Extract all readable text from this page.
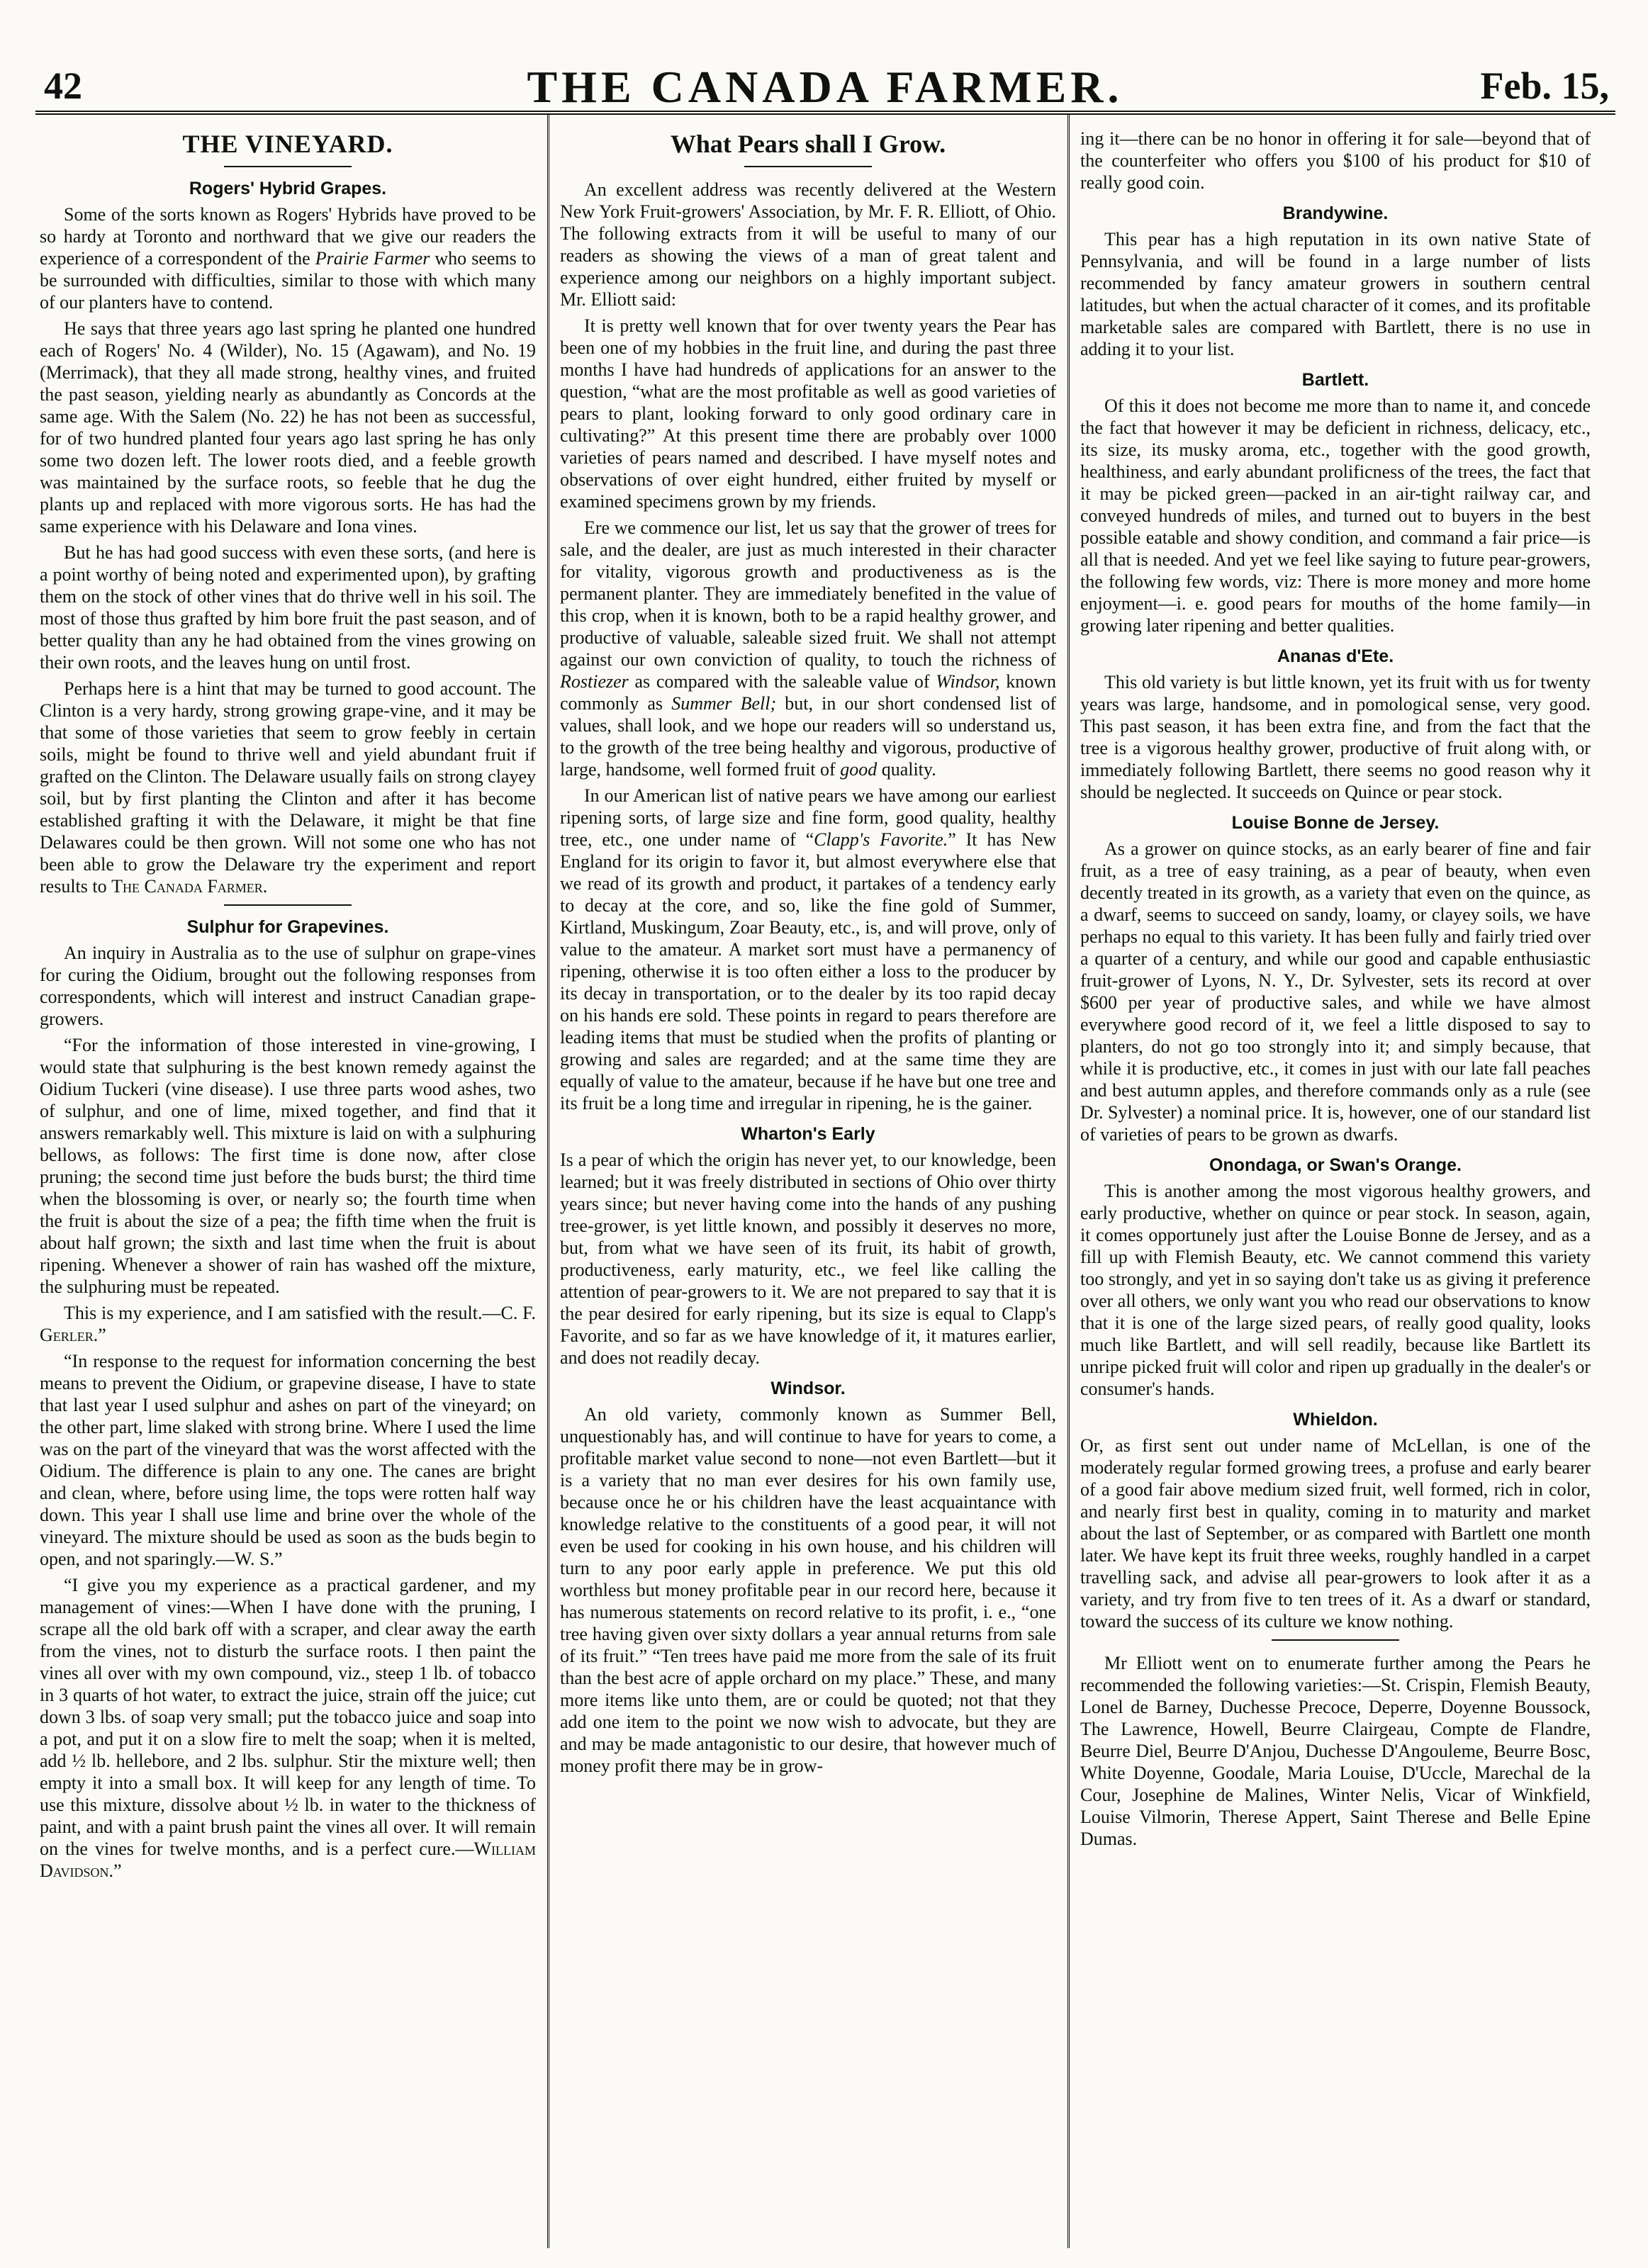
42	THE CANADA FARMER.	Feb. 15,
THE VINEYARD.
Rogers' Hybrid Grapes.

Some of the sorts known as Rogers' Hybrids have proved to be so hardy at Toronto and northward that we give our readers the experience of a correspondent of the Prairie Farmer who seems to be surrounded with difficulties, similar to those with which many of our planters have to contend.

He says that three years ago last spring he planted one hundred each of Rogers' No. 4 (Wilder), No. 15 (Agawam), and No. 19 (Merrimack), that they all made strong, healthy vines, and fruited the past season, yielding nearly as abundantly as Concords at the same age. With the Salem (No. 22) he has not been as successful, for of two hundred planted four years ago last spring he has only some two dozen left. The lower roots died, and a feeble growth was maintained by the surface roots, so feeble that he dug the plants up and replaced with more vigorous sorts. He has had the same experience with his Delaware and Iona vines.

But he has had good success with even these sorts, (and here is a point worthy of being noted and experimented upon), by grafting them on the stock of other vines that do thrive well in his soil. The most of those thus grafted by him bore fruit the past season, and of better quality than any he had obtained from the vines growing on their own roots, and the leaves hung on until frost.

Perhaps here is a hint that may be turned to good account. The Clinton is a very hardy, strong growing grape-vine, and it may be that some of those varieties that seem to grow feebly in certain soils, might be found to thrive well and yield abundant fruit if grafted on the Clinton. The Delaware usually fails on strong clayey soil, but by first planting the Clinton and after it has become established grafting it with the Delaware, it might be that fine Delawares could be then grown. Will not some one who has not been able to grow the Delaware try the experiment and report results to The Canada Farmer.

Sulphur for Grapevines.

An inquiry in Australia as to the use of sulphur on grape-vines for curing the Oidium, brought out the following responses from correspondents, which will interest and instruct Canadian grape-growers.

“For the information of those interested in vine-growing, I would state that sulphuring is the best known remedy against the Oidium Tuckeri (vine disease). I use three parts wood ashes, two of sulphur, and one of lime, mixed together, and find that it answers remarkably well. This mixture is laid on with a sulphuring bellows, as follows: The first time is done now, after close pruning; the second time just before the buds burst; the third time when the blossoming is over, or nearly so; the fourth time when the fruit is about the size of a pea; the fifth time when the fruit is about half grown; the sixth and last time when the fruit is about ripening. Whenever a shower of rain has washed off the mixture, the sulphuring must be repeated.

This is my experience, and I am satisfied with the result.—C. F. Gerler.”

“In response to the request for information concerning the best means to prevent the Oidium, or grapevine disease, I have to state that last year I used sulphur and ashes on part of the vineyard; on the other part, lime slaked with strong brine. Where I used the lime was on the part of the vineyard that was the worst affected with the Oidium. The difference is plain to any one. The canes are bright and clean, where, before using lime, the tops were rotten half way down. This year I shall use lime and brine over the whole of the vineyard. The mixture should be used as soon as the buds begin to open, and not sparingly.—W. S.”

“I give you my experience as a practical gardener, and my management of vines:—When I have done with the pruning, I scrape all the old bark off with a scraper, and clear away the earth from the vines, not to disturb the surface roots. I then paint the vines all over with my own compound, viz., steep 1 lb. of tobacco in 3 quarts of hot water, to extract the juice, strain off the juice; cut down 3 lbs. of soap very small; put the tobacco juice and soap into a pot, and put it on a slow fire to melt the soap; when it is melted, add ½ lb. hellebore, and 2 lbs. sulphur. Stir the mixture well; then empty it into a small box. It will keep for any length of time. To use this mixture, dissolve about ½ lb. in water to the thickness of paint, and with a paint brush paint the vines all over. It will remain on the vines for twelve months, and is a perfect cure.—William Davidson.”

What Pears shall I Grow.

An excellent address was recently delivered at the Western New York Fruit-growers' Association, by Mr. F. R. Elliott, of Ohio. The following extracts from it will be useful to many of our readers as showing the views of a man of great talent and experience among our neighbors on a highly important subject. Mr. Elliott said:

It is pretty well known that for over twenty years the Pear has been one of my hobbies in the fruit line, and during the past three months I have had hundreds of applications for an answer to the question, “what are the most profitable as well as good varieties of pears to plant, looking forward to only good ordinary care in cultivating?” At this present time there are probably over 1000 varieties of pears named and described. I have myself notes and observations of over eight hundred, either fruited by myself or examined specimens grown by my friends.

Ere we commence our list, let us say that the grower of trees for sale, and the dealer, are just as much interested in their character for vitality, vigorous growth and productiveness as is the permanent planter. They are immediately benefited in the value of this crop, when it is known, both to be a rapid healthy grower, and productive of valuable, saleable sized fruit. We shall not attempt against our own conviction of quality, to touch the richness of Rostiezer as compared with the saleable value of Windsor, known commonly as Summer Bell; but, in our short condensed list of values, shall look, and we hope our readers will so understand us, to the growth of the tree being healthy and vigorous, productive of large, handsome, well formed fruit of good quality.

In our American list of native pears we have among our earliest ripening sorts, of large size and fine form, good quality, healthy tree, etc., one under name of “Clapp's Favorite.” It has New England for its origin to favor it, but almost everywhere else that we read of its growth and product, it partakes of a tendency early to decay at the core, and so, like the fine gold of Summer, Kirtland, Muskingum, Zoar Beauty, etc., is, and will prove, only of value to the amateur. A market sort must have a permanency of ripening, otherwise it is too often either a loss to the producer by its decay in transportation, or to the dealer by its too rapid decay on his hands ere sold. These points in regard to pears therefore are leading items that must be studied when the profits of planting or growing and sales are regarded; and at the same time they are equally of value to the amateur, because if he have but one tree and its fruit be a long time and irregular in ripening, he is the gainer.

Wharton's Early

Is a pear of which the origin has never yet, to our knowledge, been learned; but it was freely distributed in sections of Ohio over thirty years since; but never having come into the hands of any pushing tree-grower, is yet little known, and possibly it deserves no more, but, from what we have seen of its fruit, its habit of growth, productiveness, early maturity, etc., we feel like calling the attention of pear-growers to it. We are not prepared to say that it is the pear desired for early ripening, but its size is equal to Clapp's Favorite, and so far as we have knowledge of it, it matures earlier, and does not readily decay.

Windsor.

An old variety, commonly known as Summer Bell, unquestionably has, and will continue to have for years to come, a profitable market value second to none—not even Bartlett—but it is a variety that no man ever desires for his own family use, because once he or his children have the least acquaintance with knowledge relative to the constituents of a good pear, it will not even be used for cooking in his own house, and his children will turn to any poor early apple in preference. We put this old worthless but money profitable pear in our record here, because it has numerous statements on record relative to its profit, i. e., “one tree having given over sixty dollars a year annual returns from sale of its fruit.” “Ten trees have paid me more from the sale of its fruit than the best acre of apple orchard on my place.” These, and many more items like unto them, are or could be quoted; not that they add one item to the point we now wish to advocate, but they are and may be made antagonistic to our desire, that however much of money profit there may be in grow-

ing it—there can be no honor in offering it for sale—beyond that of the counterfeiter who offers you $100 of his product for $10 of really good coin.

Brandywine.

This pear has a high reputation in its own native State of Pennsylvania, and will be found in a large number of lists recommended by fancy amateur growers in southern central latitudes, but when the actual character of it comes, and its profitable marketable sales are compared with Bartlett, there is no use in adding it to your list.

Bartlett.

Of this it does not become me more than to name it, and concede the fact that however it may be deficient in richness, delicacy, etc., its size, its musky aroma, etc., together with the good growth, healthiness, and early abundant prolificness of the trees, the fact that it may be picked green—packed in an air-tight railway car, and conveyed hundreds of miles, and turned out to buyers in the best possible eatable and showy condition, and command a fair price—is all that is needed. And yet we feel like saying to future pear-growers, the following few words, viz: There is more money and more home enjoyment—i. e. good pears for mouths of the home family—in growing later ripening and better qualities.

Ananas d'Ete.

This old variety is but little known, yet its fruit with us for twenty years was large, handsome, and in pomological sense, very good. This past season, it has been extra fine, and from the fact that the tree is a vigorous healthy grower, productive of fruit along with, or immediately following Bartlett, there seems no good reason why it should be neglected. It succeeds on Quince or pear stock.

Louise Bonne de Jersey.

As a grower on quince stocks, as an early bearer of fine and fair fruit, as a tree of easy training, as a pear of beauty, when even decently treated in its growth, as a variety that even on the quince, as a dwarf, seems to succeed on sandy, loamy, or clayey soils, we have perhaps no equal to this variety. It has been fully and fairly tried over a quarter of a century, and while our good and capable enthusiastic fruit-grower of Lyons, N. Y., Dr. Sylvester, sets its record at over $600 per year of productive sales, and while we have almost everywhere good record of it, we feel a little disposed to say to planters, do not go too strongly into it; and simply because, that while it is productive, etc., it comes in just with our late fall peaches and best autumn apples, and therefore commands only as a rule (see Dr. Sylvester) a nominal price. It is, however, one of our standard list of varieties of pears to be grown as dwarfs.

Onondaga, or Swan's Orange.

This is another among the most vigorous healthy growers, and early productive, whether on quince or pear stock. In season, again, it comes opportunely just after the Louise Bonne de Jersey, and as a fill up with Flemish Beauty, etc. We cannot commend this variety too strongly, and yet in so saying don't take us as giving it preference over all others, we only want you who read our observations to know that it is one of the large sized pears, of really good quality, looks much like Bartlett, and will sell readily, because like Bartlett its unripe picked fruit will color and ripen up gradually in the dealer's or consumer's hands.

Whieldon.

Or, as first sent out under name of McLellan, is one of the moderately regular formed growing trees, a profuse and early bearer of a good fair above medium sized fruit, well formed, rich in color, and nearly first best in quality, coming in to maturity and market about the last of September, or as compared with Bartlett one month later. We have kept its fruit three weeks, roughly handled in a carpet travelling sack, and advise all pear-growers to look after it as a variety, and try from five to ten trees of it. As a dwarf or standard, toward the success of its culture we know nothing.

Mr Elliott went on to enumerate further among the Pears he recommended the following varieties:—St. Crispin, Flemish Beauty, Lonel de Barney, Duchesse Precoce, Deperre, Doyenne Boussock, The Lawrence, Howell, Beurre Clairgeau, Compte de Flandre, Beurre Diel, Beurre D'Anjou, Duchesse D'Angouleme, Beurre Bosc, White Doyenne, Goodale, Maria Louise, D'Uccle, Marechal de la Cour, Josephine de Malines, Winter Nelis, Vicar of Winkfield, Louise Vilmorin, Therese Appert, Saint Therese and Belle Epine Dumas.
